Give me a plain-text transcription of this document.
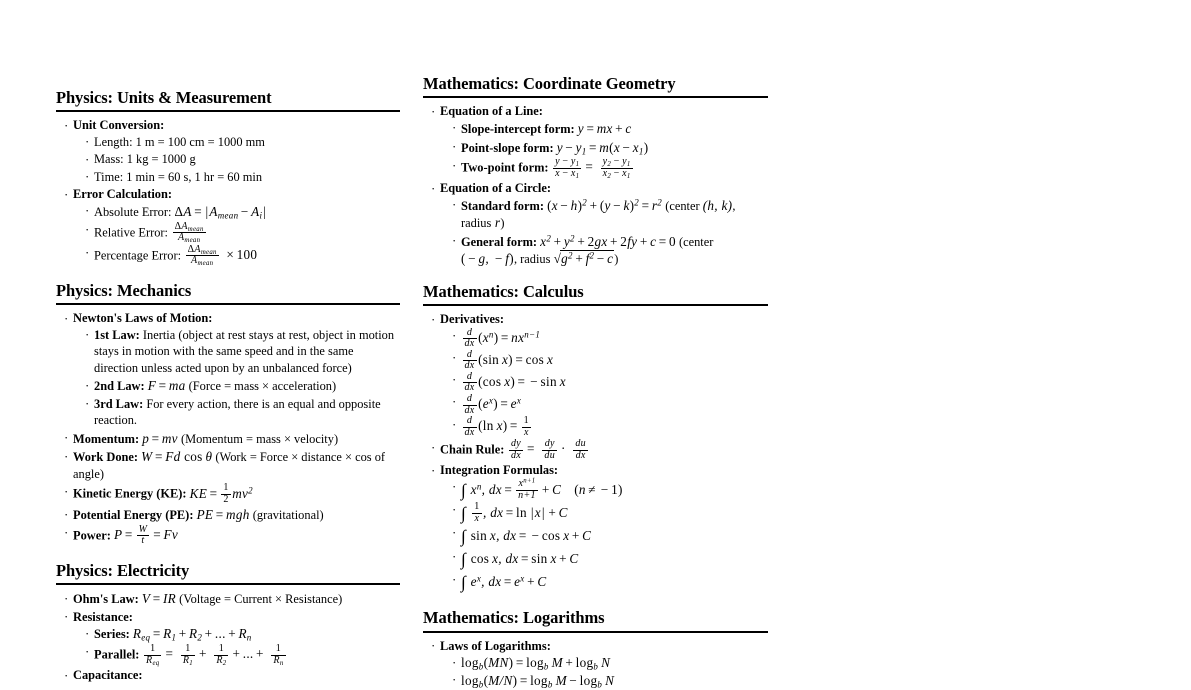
Physics: Units & Measurement
· Unit Conversion:
· Length: 1 m = 100 cm = 1000 mm
· Mass: 1 kg = 1000 g
· Time: 1 min = 60 s, 1 hr = 60 min
· Error Calculation:
· Absolute Error: $\Delta A = |A_{mean} - A_i|$
· Relative Error: $\frac{\Delta A_{mean}}{A_{mean}}$
· Percentage Error: $\frac{\Delta A_{mean}}{A_{mean}} \times 100$
Physics: Mechanics
· Newton's Laws of Motion:
· 1st Law: Inertia (object at rest stays at rest, object in motion stays in motion with the same speed and in the same direction unless acted upon by an unbalanced force)
· 2nd Law: F = ma (Force = mass × acceleration)
· 3rd Law: For every action, there is an equal and opposite reaction.
· Momentum: p = mv (Momentum = mass × velocity)
· Work Done: W = Fd cos θ (Work = Force × distance × cos of angle)
· Kinetic Energy (KE): KE = $\frac{1}{2} mv^2$
· Potential Energy (PE): PE = mgh (gravitational)
· Power: $P = \frac{W}{t} = Fv$
Physics: Electricity
· Ohm's Law: V = IR (Voltage = Current × Resistance)
· Resistance:
· Series: $R_{eq} = R_1 + R_2$ + ... + $R_n$
· Parallel: $\frac{1}{R_{eq}} = \frac{1}{R_1} + \frac{1}{R_2}$ + ... + $\frac{1}{R_n}$
· Capacitance:
Mathematics: Coordinate Geometry
· Equation of a Line:
· Slope-intercept form: y = mx + c
· Point-slope form: $y - y_1 = m(x - x_1)$
· Two-point form: $\frac{y - y_1}{x - x_1} = \frac{y_2 - y_1}{x_2 - x_1}$
· Equation of a Circle:
· Standard form: $(x - h)^2 + (y - k)^2 = r^2$ (center (h, k), radius r)
· General form: $x^2 + y^2 + 2gx + 2fy + c = 0$ (center ( − g, − f), radius $√g^2 + f^2 - c$)
Mathematics: Calculus
· Derivatives:
· $\frac{d}{dx} (x^n) = nx^{n-1}$
· $\frac{d}{dx} (\sin$ x) = cos x
· $\frac{d}{dx} (\cos$ x) = − sin x
· $\frac{d}{dx} (e^x) = e^x$
· $\frac{d}{dx} (\ln$ $x) = \frac{1}{x}$
· Chain Rule: $\frac{dy}{dx} = \frac{dy}{du} \cdot \frac{du}{dx}$
· Integration Formulas:
· ∫ $x^n$, dx = $\frac{x^{n+1}}{n+1} + C$ (n ≠ − 1)
· ∫ $\frac{1}{x}$ , dx = ln  |x| + C
· ∫ sin x, dx = − cos x + C
· ∫ cos x, dx = sin x + C
· ∫ $e^x$, dx = $e^x + C$
Mathematics: Logarithms
· Laws of Logarithms:
· $\log_b(MN) = \log_b M + \log_b N$
· $\log_b(M/N) = \log_b M - \log_b N$
